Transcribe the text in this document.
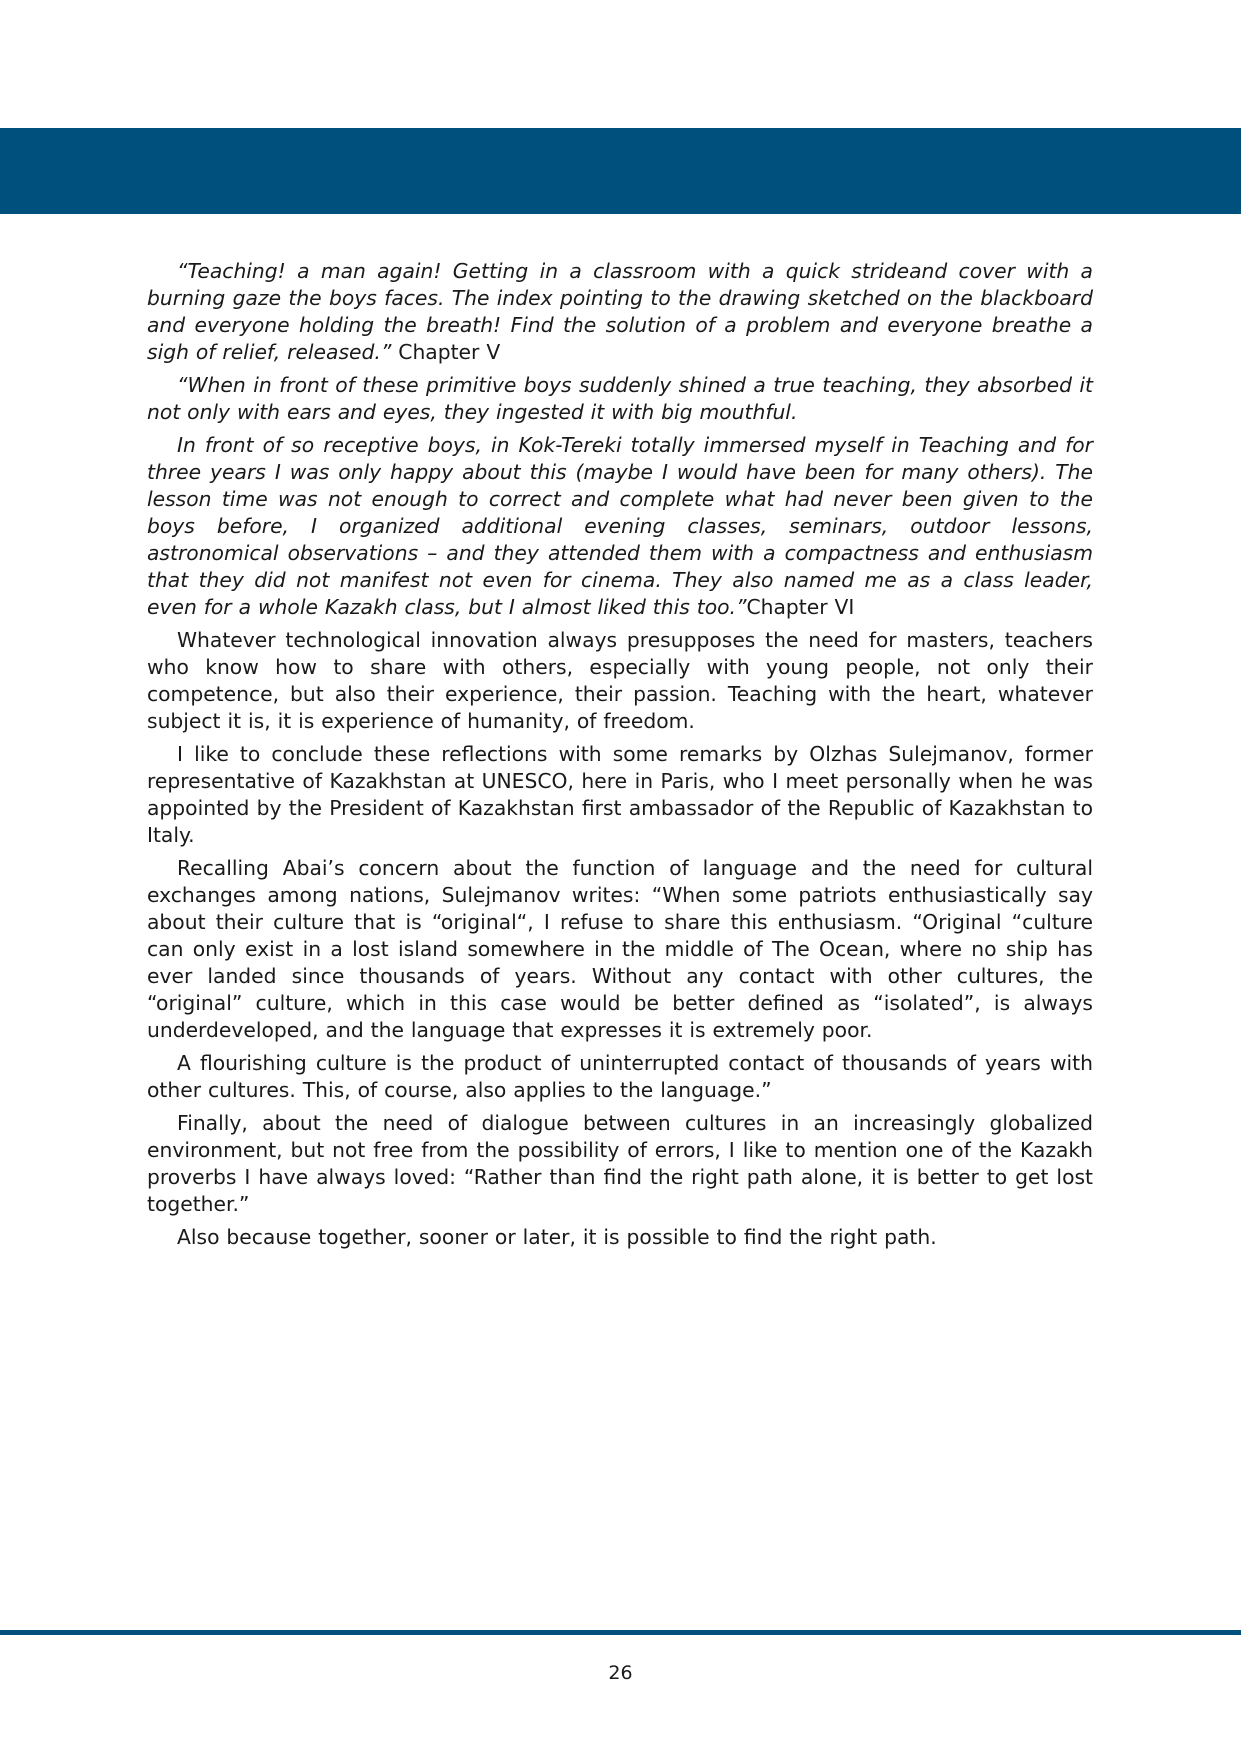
“Teaching! a man again! Getting in a classroom with a quick strideand cover with a burning gaze the boys faces. The index pointing to the drawing sketched on the blackboard and everyone holding the breath! Find the solution of a problem and everyone breathe a sigh of relief, released.” Chapter V

“When in front of these primitive boys suddenly shined a true teaching, they absorbed it not only with ears and eyes, they ingested it with big mouthful.

In front of so receptive boys, in Kok-Tereki totally immersed myself in Teaching and for three years I was only happy about this (maybe I would have been for many others). The lesson time was not enough to correct and complete what had never been given to the boys before, I organized additional evening classes, seminars, outdoor lessons, astronomical observations – and they attended them with a compactness and enthusiasm that they did not manifest not even for cinema. They also named me as a class leader, even for a whole Kazakh class, but I almost liked this too.”Chapter VI

Whatever technological innovation always presupposes the need for masters, teachers who know how to share with others, especially with young people, not only their competence, but also their experience, their passion. Teaching with the heart, whatever subject it is, it is experience of humanity, of freedom.

I like to conclude these reflections with some remarks by Olzhas Sulejmanov, former representative of Kazakhstan at UNESCO, here in Paris, who I meet personally when he was appointed by the President of Kazakhstan first ambassador of the Republic of Kazakhstan to Italy.

Recalling Abai’s concern about the function of language and the need for cultural exchanges among nations, Sulejmanov writes: “When some patriots enthusiastically say about their culture that is “original“, I refuse to share this enthusiasm. “Original “culture can only exist in a lost island somewhere in the middle of The Ocean, where no ship has ever landed since thousands of years. Without any contact with other cultures, the “original” culture, which in this case would be better defined as “isolated”, is always underdeveloped, and the language that expresses it is extremely poor.

A flourishing culture is the product of uninterrupted contact of thousands of years with other cultures. This, of course, also applies to the language.”

Finally, about the need of dialogue between cultures in an increasingly globalized environment, but not free from the possibility of errors, I like to mention one of the Kazakh proverbs I have always loved: “Rather than find the right path alone, it is better to get lost together.”

Also because together, sooner or later, it is possible to find the right path.

26
